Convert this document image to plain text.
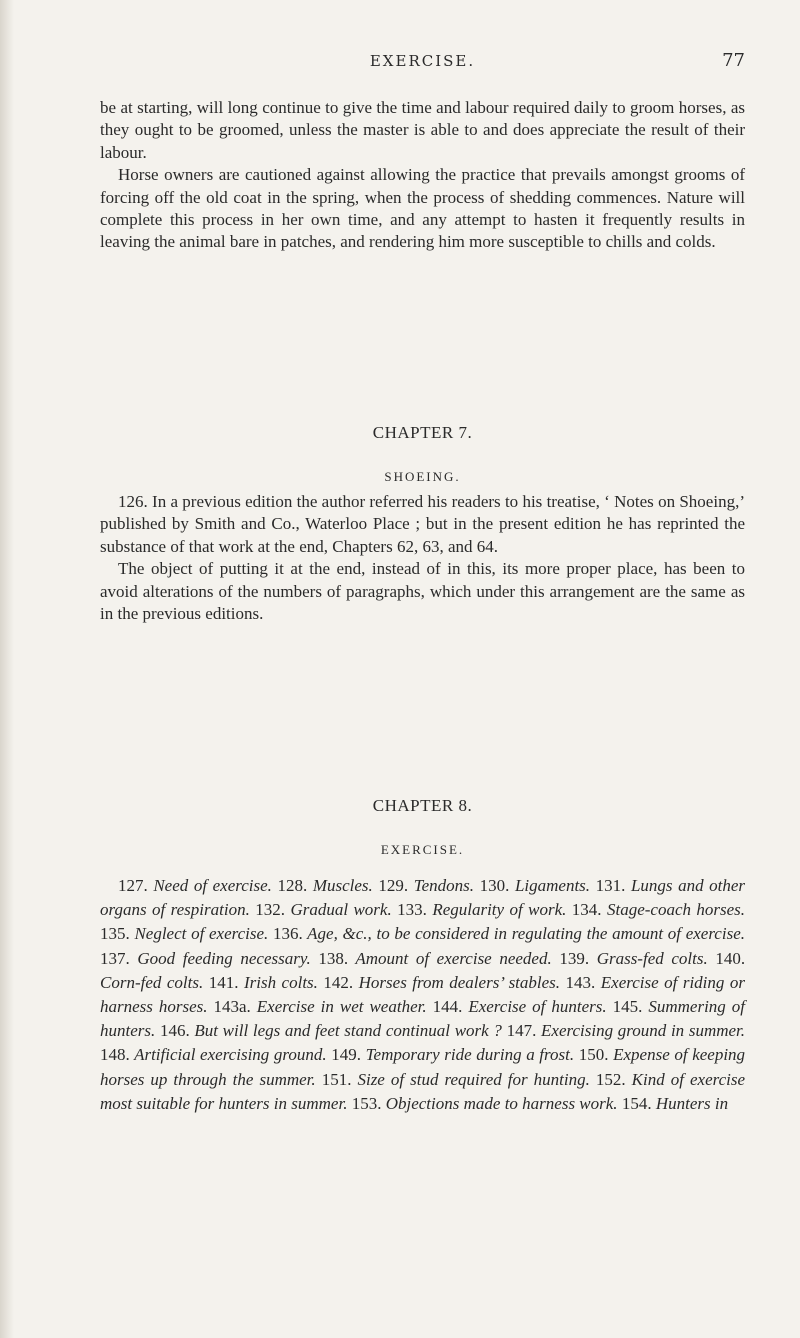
EXERCISE.	77

be at starting, will long continue to give the time and labour required daily to groom horses, as they ought to be groomed, unless the master is able to and does appreciate the result of their labour.

Horse owners are cautioned against allowing the practice that prevails amongst grooms of forcing off the old coat in the spring, when the process of shedding commences. Nature will complete this process in her own time, and any attempt to hasten it frequently results in leaving the animal bare in patches, and rendering him more susceptible to chills and colds.

CHAPTER 7.
SHOEING.

126. In a previous edition the author referred his readers to his treatise, ‘ Notes on Shoeing,’ published by Smith and Co., Waterloo Place ; but in the present edition he has reprinted the substance of that work at the end, Chapters 62, 63, and 64.

The object of putting it at the end, instead of in this, its more proper place, has been to avoid alterations of the numbers of paragraphs, which under this arrangement are the same as in the previous editions.

CHAPTER 8.
EXERCISE.
127. Need of exercise. 128. Muscles. 129. Tendons. 130. Ligaments. 131. Lungs and other organs of respiration. 132. Gradual work. 133. Regularity of work. 134. Stage-coach horses. 135. Neglect of exercise. 136. Age, &c., to be considered in regulating the amount of exercise. 137. Good feeding necessary. 138. Amount of exercise needed. 139. Grass-fed colts. 140. Corn-fed colts. 141. Irish colts. 142. Horses from dealers’ stables. 143. Exercise of riding or harness horses. 143a. Exercise in wet weather. 144. Exercise of hunters. 145. Summering of hunters. 146. But will legs and feet stand continual work ? 147. Exercising ground in summer. 148. Artificial exercising ground. 149. Temporary ride during a frost. 150. Expense of keeping horses up through the summer. 151. Size of stud required for hunting. 152. Kind of exercise most suitable for hunters in summer. 153. Objections made to harness work. 154. Hunters in
